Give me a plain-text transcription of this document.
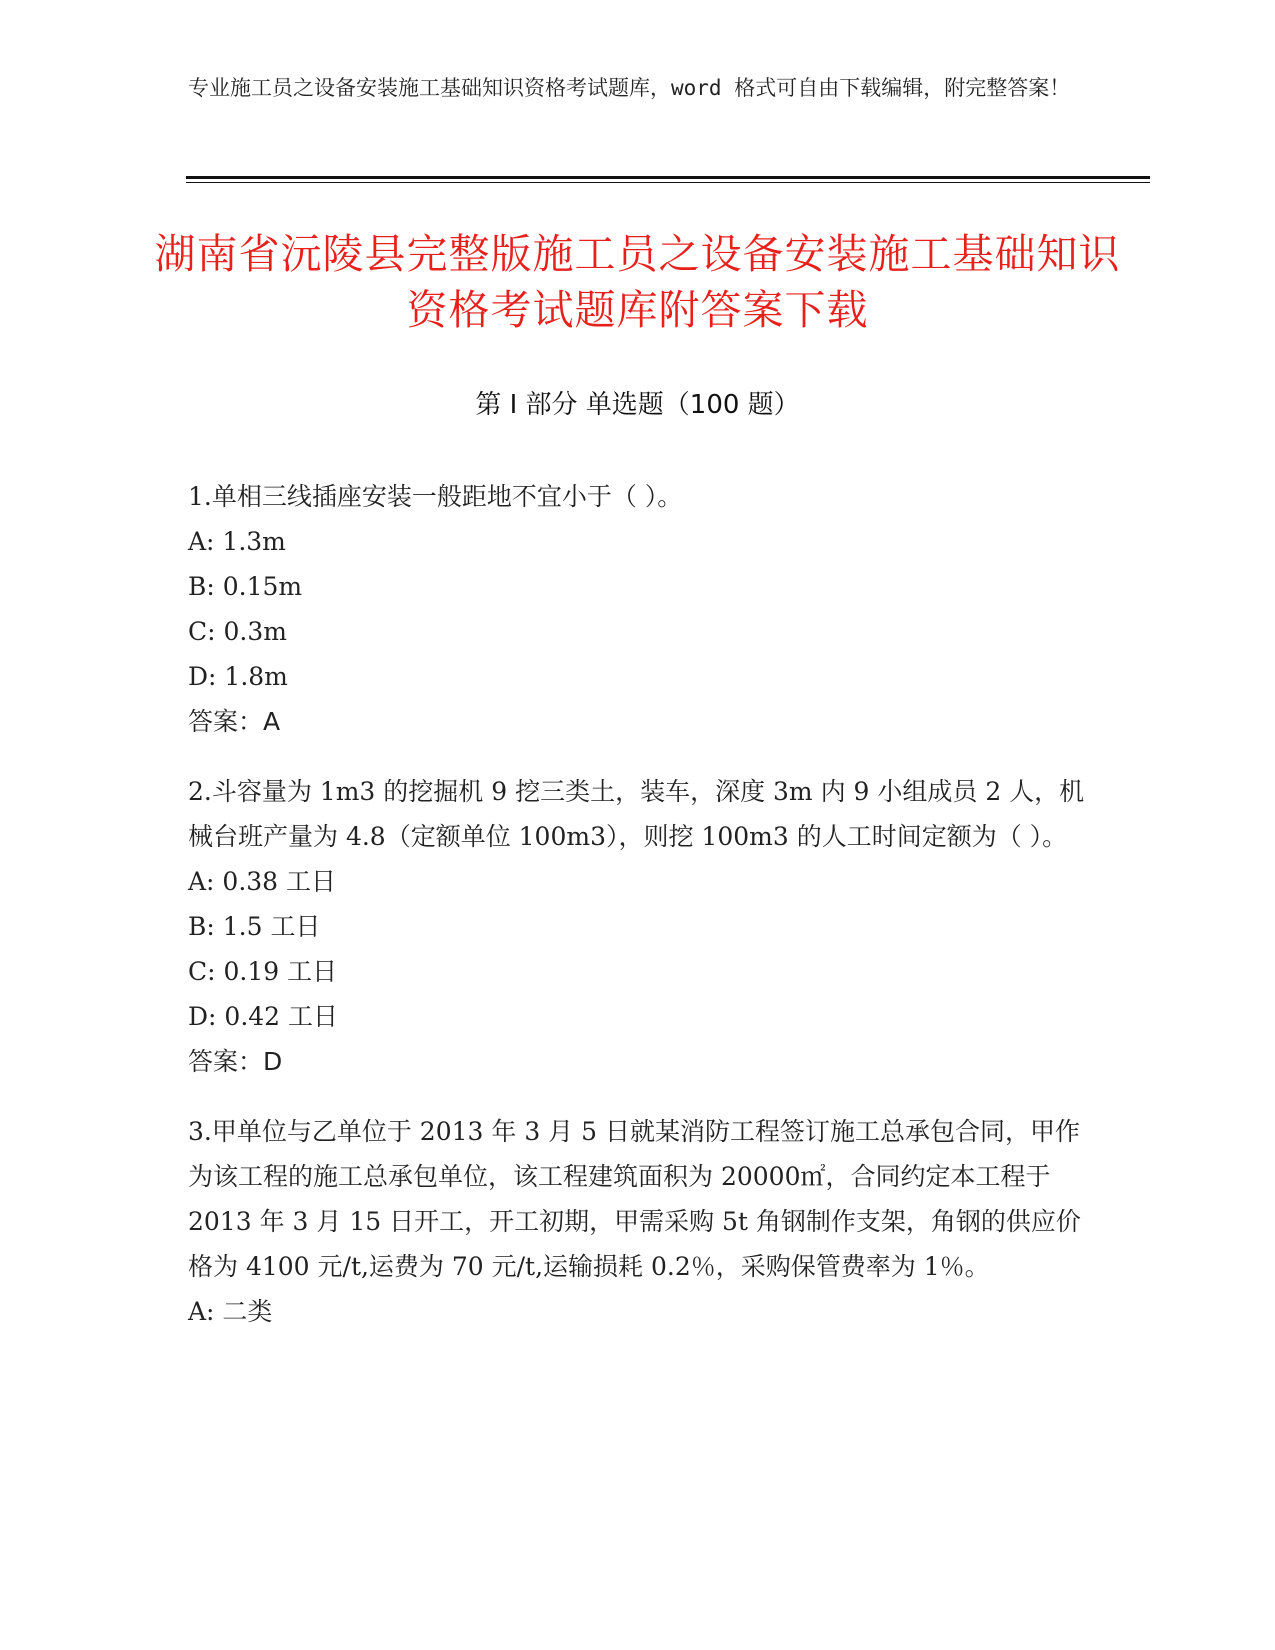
专业施工员之设备安装施工基础知识资格考试题库，word 格式可自由下载编辑，附完整答案！
湖南省沅陵县完整版施工员之设备安装施工基础知识资格考试题库附答案下载
第 I 部分 单选题（100 题）

1.单相三线插座安装一般距地不宜小于（ ）。

A: 1.3m

B: 0.15m

C: 0.3m

D: 1.8m

答案：A

2.斗容量为 1m3 的挖掘机 9 挖三类土，装车，深度 3m 内 9 小组成员 2 人，机械台班产量为 4.8（定额单位 100m3），则挖 100m3 的人工时间定额为（ ）。

A: 0.38 工日

B: 1.5 工日

C: 0.19 工日

D: 0.42 工日

答案：D

3.甲单位与乙单位于 2013 年 3 月 5 日就某消防工程签订施工总承包合同，甲作为该工程的施工总承包单位，该工程建筑面积为 20000㎡，合同约定本工程于 2013 年 3 月 15 日开工，开工初期，甲需采购 5t 角钢制作支架，角钢的供应价格为 4100 元/t,运费为 70 元/t,运输损耗 0.2％，采购保管费率为 1％。

A: 二类
